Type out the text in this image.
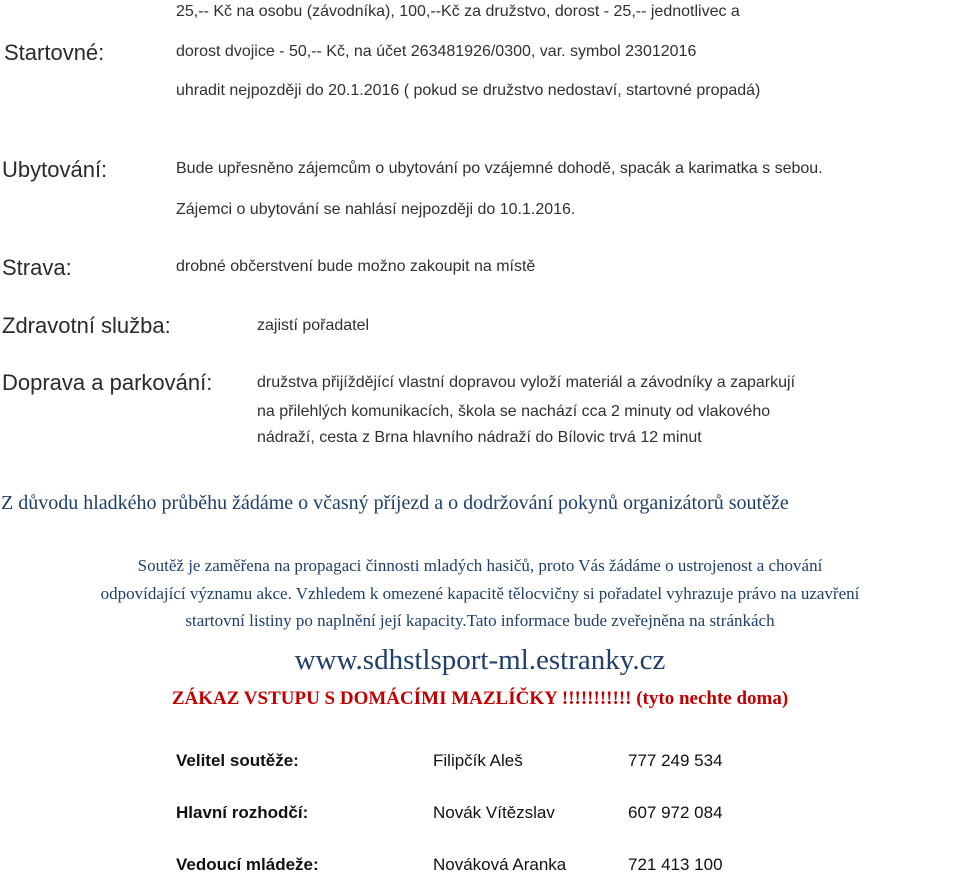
Startovné:
25,-- Kč na osobu (závodníka), 100,--Kč za družstvo, dorost - 25,-- jednotlivec a
dorost dvojice - 50,-- Kč, na účet 263481926/0300, var. symbol 23012016
uhradit nejpozději do 20.1.2016 ( pokud se družstvo nedostaví, startovné propadá)
Ubytování:	Bude upřesněno zájemcům o ubytování po vzájemné dohodě, spacák a karimatka s sebou.
Zájemci o ubytování se nahlásí nejpozději do 10.1.2016.
Strava:	drobné občerstvení bude možno zakoupit na místě
Zdravotní služba:	zajistí pořadatel
Doprava a parkování:	družstva přijíždějící vlastní dopravou vyloží materiál a závodníky a zaparkují
na přilehlých komunikacích, škola se nachází cca 2 minuty od vlakového
nádraží, cesta z Brna hlavního nádraží do Bílovic trvá 12 minut
Z důvodu hladkého průběhu žádáme o včasný příjezd a o dodržování pokynů organizátorů soutěže
Soutěž je zaměřena na propagaci činnosti mladých hasičů, proto Vás žádáme o ustrojenost a chování
odpovídající významu akce. Vzhledem k omezené kapacitě tělocvičny si pořadatel vyhrazuje právo na uzavření
startovní listiny po naplnění její kapacity.Tato informace bude zveřejněna na stránkách
www.sdhstlsport-ml.estranky.cz
ZÁKAZ VSTUPU S DOMÁCÍMI MAZLÍČKY !!!!!!!!!!! (tyto nechte doma)
Velitel soutěže:	Filipčík Aleš	777 249 534
Hlavní rozhodčí:	Novák Vítězslav	607 972 084
Vedoucí mládeže:	Nováková Aranka	721 413 100
